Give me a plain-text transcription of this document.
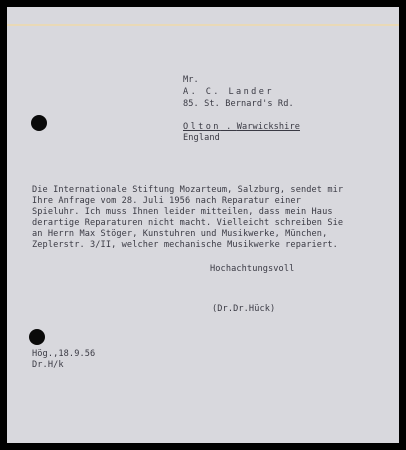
Mr.
A. C. Lander
85. St. Bernard's Rd.
Olton . Warwickshire
England
Die Internationale Stiftung Mozarteum, Salzburg, sendet mir
Ihre Anfrage vom 28. Juli 1956 nach Reparatur einer
Spieluhr. Ich muss Ihnen leider mitteilen, dass mein Haus
derartige Reparaturen nicht macht. Vielleicht schreiben Sie
an Herrn Max Stöger, Kunstuhren und Musikwerke, München,
Zeplerstr. 3/II, welcher mechanische Musikwerke repariert.
Hochachtungsvoll
(Dr.Dr.Hück)
Hög.,18.9.56
Dr.H/k
